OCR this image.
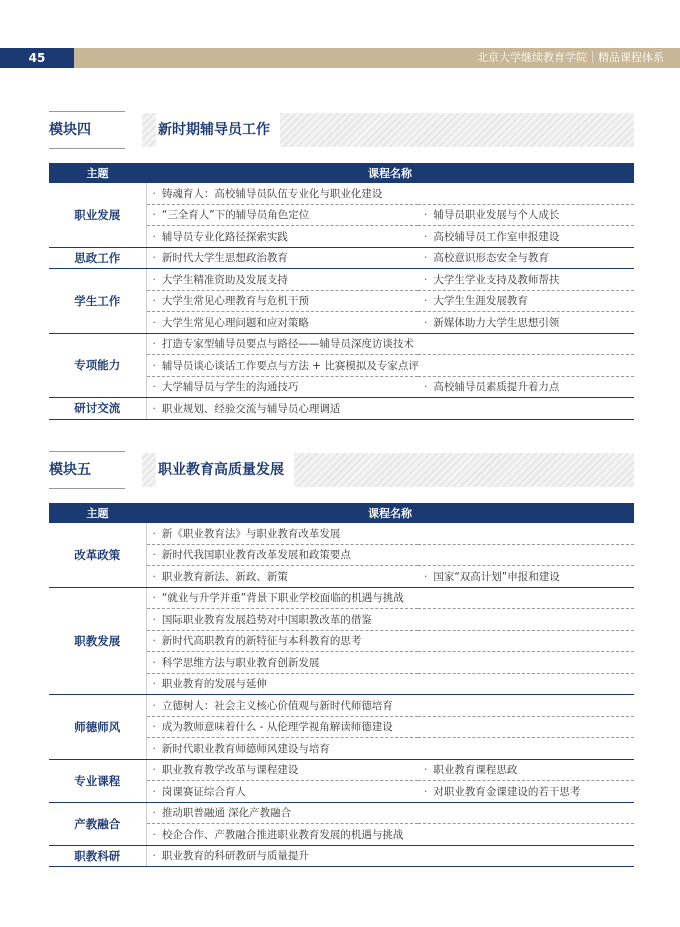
45	北京大学继续教育学院｜精品课程体系
模块四	新时期辅导员工作
主题	课程名称	
职业发展	· 铸魂育人：高校辅导员队伍专业化与职业化建设	
	· “三全育人”下的辅导员角色定位	· 辅导员职业发展与个人成长
	· 辅导员专业化路径探索实践	· 高校辅导员工作室申报建设
思政工作	· 新时代大学生思想政治教育	· 高校意识形态安全与教育
学生工作	· 大学生精准资助及发展支持	· 大学生学业支持及教师帮扶
	· 大学生常见心理教育与危机干预	· 大学生生涯发展教育
	· 大学生常见心理问题和应对策略	· 新媒体助力大学生思想引领
专项能力	· 打造专家型辅导员要点与路径——辅导员深度访谈技术	
	· 辅导员谈心谈话工作要点与方法 + 比赛模拟及专家点评	
	· 大学辅导员与学生的沟通技巧	· 高校辅导员素质提升着力点
研讨交流	· 职业规划、经验交流与辅导员心理调适	
模块五	职业教育高质量发展
主题	课程名称	
改革政策	· 新《职业教育法》与职业教育改革发展	
	· 新时代我国职业教育改革发展和政策要点	
	· 职业教育新法、新政、新策	· 国家“双高计划”申报和建设
职教发展	· “就业与升学并重”背景下职业学校面临的机遇与挑战	
	· 国际职业教育发展趋势对中国职教改革的借鉴	
	· 新时代高职教育的新特征与本科教育的思考	
	· 科学思维方法与职业教育创新发展	
	· 职业教育的发展与延伸	
师德师风	· 立德树人：社会主义核心价值观与新时代师德培育	
	· 成为教师意味着什么 - 从伦理学视角解读师德建设	
	· 新时代职业教育师德师风建设与培育	
专业课程	· 职业教育教学改革与课程建设	· 职业教育课程思政
	· 岗课赛证综合育人	· 对职业教育金课建设的若干思考
产教融合	· 推动职普融通 深化产教融合	
	· 校企合作、产教融合推进职业教育发展的机遇与挑战	
职教科研	· 职业教育的科研教研与质量提升	
